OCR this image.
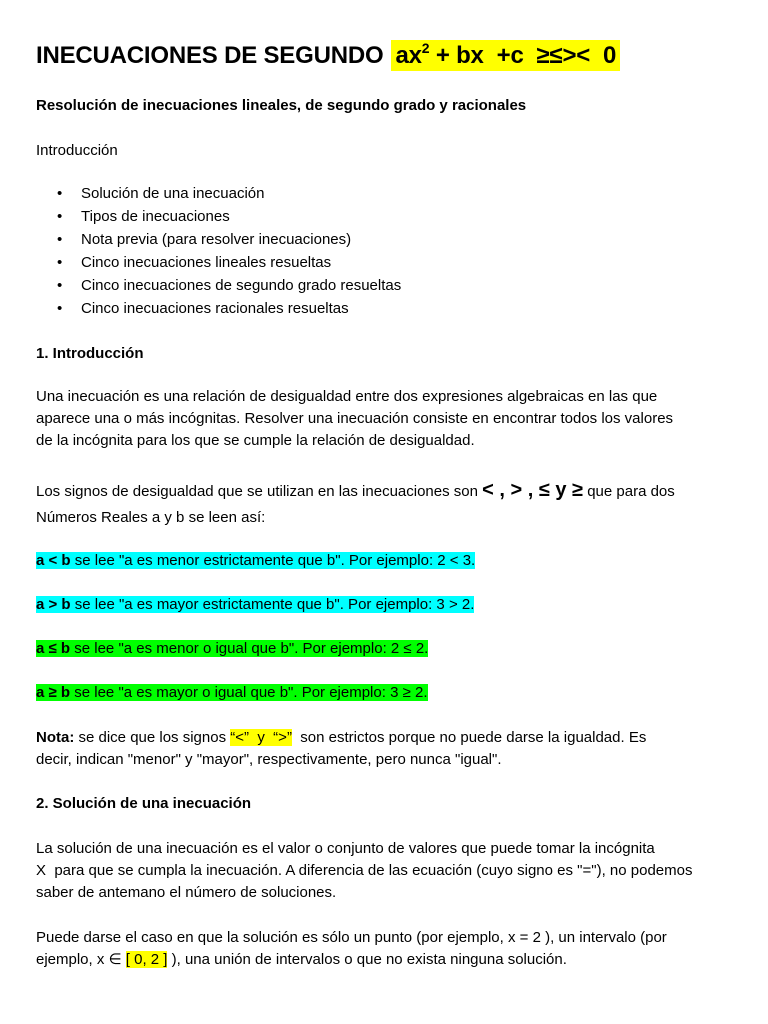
INECUACIONES DE SEGUNDO $ax^2$ + bx  +c  ≥≤><  0
Resolución de inecuaciones lineales, de segundo grado y racionales
Introducción
• Solución de una inecuación
• Tipos de inecuaciones
• Nota previa (para resolver inecuaciones)
• Cinco inecuaciones lineales resueltas
• Cinco inecuaciones de segundo grado resueltas
• Cinco inecuaciones racionales resueltas
1. Introducción
Una inecuación es una relación de desigualdad entre dos expresiones algebraicas en las que
aparece una o más incógnitas. Resolver una inecuación consiste en encontrar todos los valores
de la incógnita para los que se cumple la relación de desigualdad.
Los signos de desigualdad que se utilizan en las inecuaciones son < , > , ≤ y ≥ que para dos
Números Reales a y b se leen así:
a < b se lee "a es menor estrictamente que b". Por ejemplo: 2 < 3.
a > b se lee "a es mayor estrictamente que b". Por ejemplo: 3 > 2.
a ≤ b se lee "a es menor o igual que b". Por ejemplo: 2 ≤ 2.
a ≥ b se lee "a es mayor o igual que b". Por ejemplo: 3 ≥ 2.
Nota: se dice que los signos “<”  y  “>”  son estrictos porque no puede darse la igualdad. Es
decir, indican "menor" y "mayor", respectivamente, pero nunca "igual".
2. Solución de una inecuación
La solución de una inecuación es el valor o conjunto de valores que puede tomar la incógnita
X  para que se cumpla la inecuación. A diferencia de las ecuación (cuyo signo es "="), no podemos
saber de antemano el número de soluciones.
Puede darse el caso en que la solución es sólo un punto (por ejemplo, x = 2 ), un intervalo (por
ejemplo, x ∈ [ 0, 2 ] ), una unión de intervalos o que no exista ninguna solución.
